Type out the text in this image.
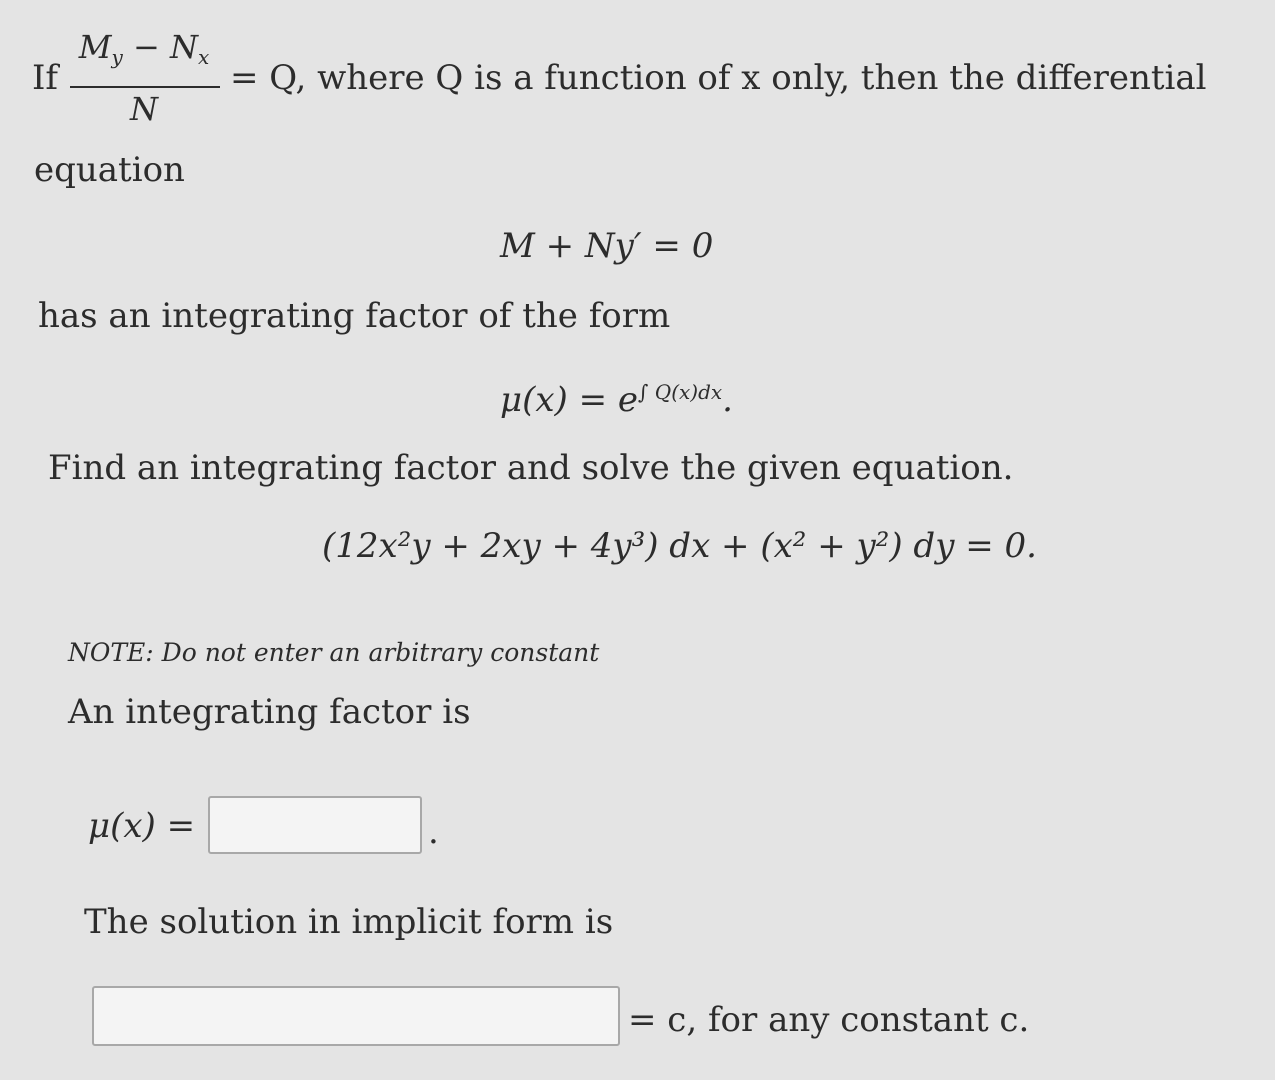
If
$M_y - N_x$
N
= Q, where Q is a function of x only, then the differential
equation
M + Ny′ = 0
has an integrating factor of the form
$\mu(x) = e^{\int Q(x)dx}$.
Find an integrating factor and solve the given equation.
(12x²y + 2xy + 4y³) dx + (x² + y²) dy = 0.
NOTE: Do not enter an arbitrary constant
An integrating factor is
μ(x) =	.
The solution in implicit form is
= c, for any constant c.
